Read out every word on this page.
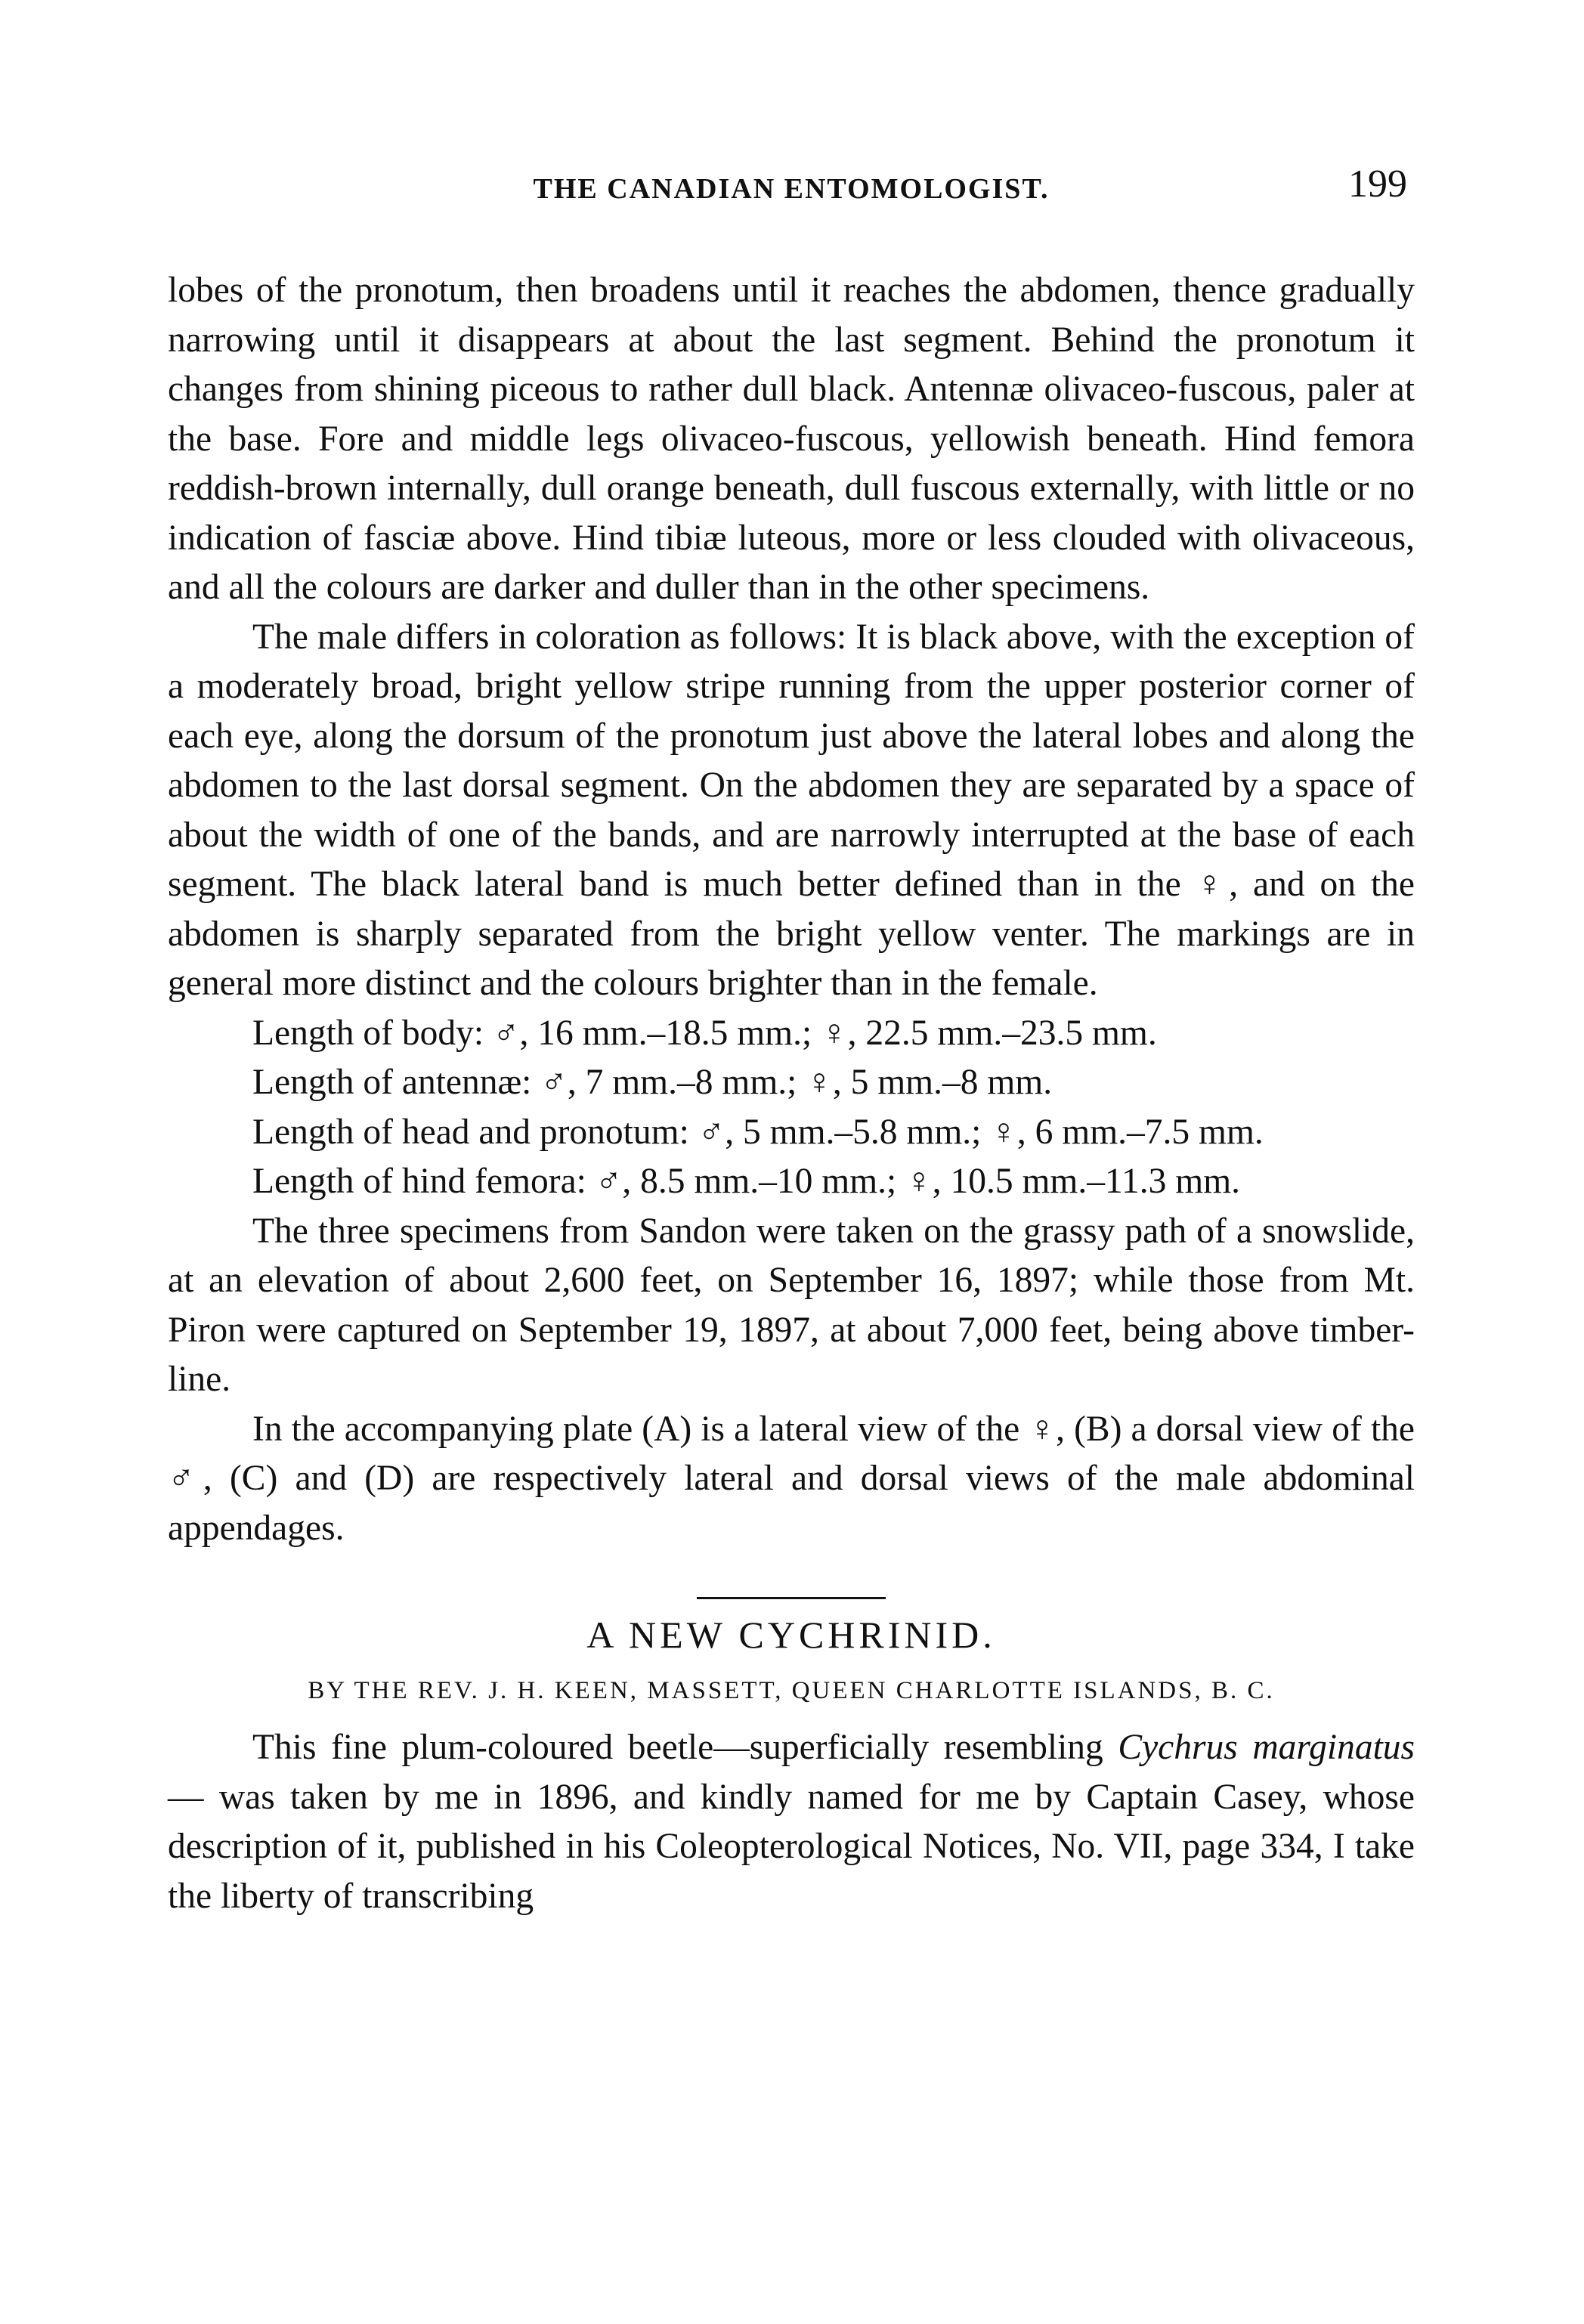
THE CANADIAN ENTOMOLOGIST.	199

lobes of the pronotum, then broadens until it reaches the abdomen, thence gradually narrowing until it disappears at about the last segment. Behind the pronotum it changes from shining piceous to rather dull black. Antennæ olivaceo-fuscous, paler at the base. Fore and middle legs olivaceo-fuscous, yellowish beneath. Hind femora reddish-brown internally, dull orange beneath, dull fuscous externally, with little or no indication of fasciæ above. Hind tibiæ luteous, more or less clouded with olivaceous, and all the colours are darker and duller than in the other specimens.

The male differs in coloration as follows: It is black above, with the exception of a moderately broad, bright yellow stripe running from the upper posterior corner of each eye, along the dorsum of the pronotum just above the lateral lobes and along the abdomen to the last dorsal segment. On the abdomen they are separated by a space of about the width of one of the bands, and are narrowly interrupted at the base of each segment. The black lateral band is much better defined than in the ♀, and on the abdomen is sharply separated from the bright yellow venter. The markings are in general more distinct and the colours brighter than in the female.

Length of body: ♂, 16 mm.–18.5 mm.; ♀, 22.5 mm.–23.5 mm.

Length of antennæ: ♂, 7 mm.–8 mm.; ♀, 5 mm.–8 mm.

Length of head and pronotum: ♂, 5 mm.–5.8 mm.; ♀, 6 mm.–7.5 mm.

Length of hind femora: ♂, 8.5 mm.–10 mm.; ♀, 10.5 mm.–11.3 mm.

The three specimens from Sandon were taken on the grassy path of a snowslide, at an elevation of about 2,600 feet, on September 16, 1897; while those from Mt. Piron were captured on September 19, 1897, at about 7,000 feet, being above timber-line.

In the accompanying plate (A) is a lateral view of the ♀, (B) a dorsal view of the ♂, (C) and (D) are respectively lateral and dorsal views of the male abdominal appendages.

A NEW CYCHRINID.
BY THE REV. J. H. KEEN, MASSETT, QUEEN CHARLOTTE ISLANDS, B. C.

This fine plum-coloured beetle—superficially resembling Cychrus marginatus — was taken by me in 1896, and kindly named for me by Captain Casey, whose description of it, published in his Coleopterological Notices, No. VII, page 334, I take the liberty of transcribing
